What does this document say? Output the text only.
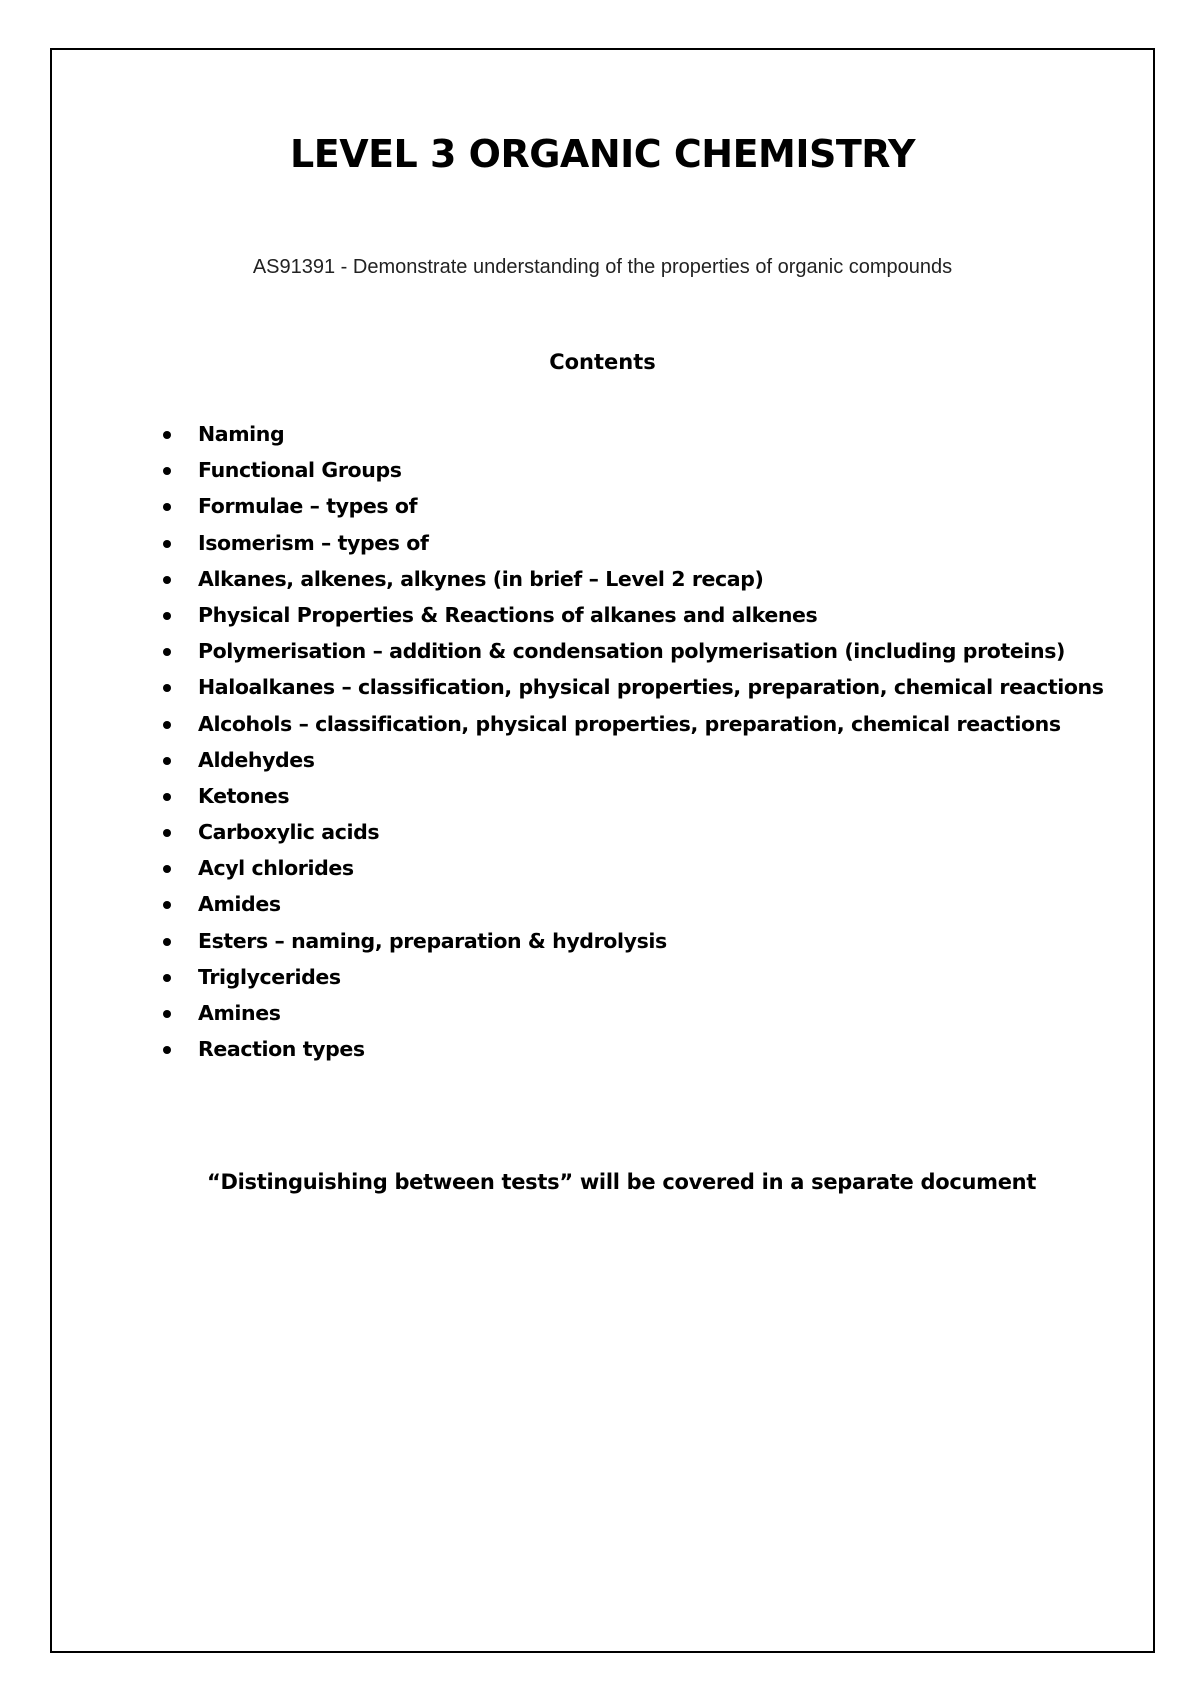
LEVEL 3 ORGANIC CHEMISTRY

AS91391 - Demonstrate understanding of the properties of organic compounds

Contents
Naming
Functional Groups
Formulae – types of
Isomerism – types of
Alkanes, alkenes, alkynes (in brief – Level 2 recap)
Physical Properties & Reactions of alkanes and alkenes
Polymerisation – addition & condensation polymerisation (including proteins)
Haloalkanes – classification, physical properties, preparation, chemical reactions
Alcohols – classification, physical properties, preparation, chemical reactions
Aldehydes
Ketones
Carboxylic acids
Acyl chlorides
Amides
Esters – naming, preparation & hydrolysis
Triglycerides
Amines
Reaction types

“Distinguishing between tests” will be covered in a separate document
